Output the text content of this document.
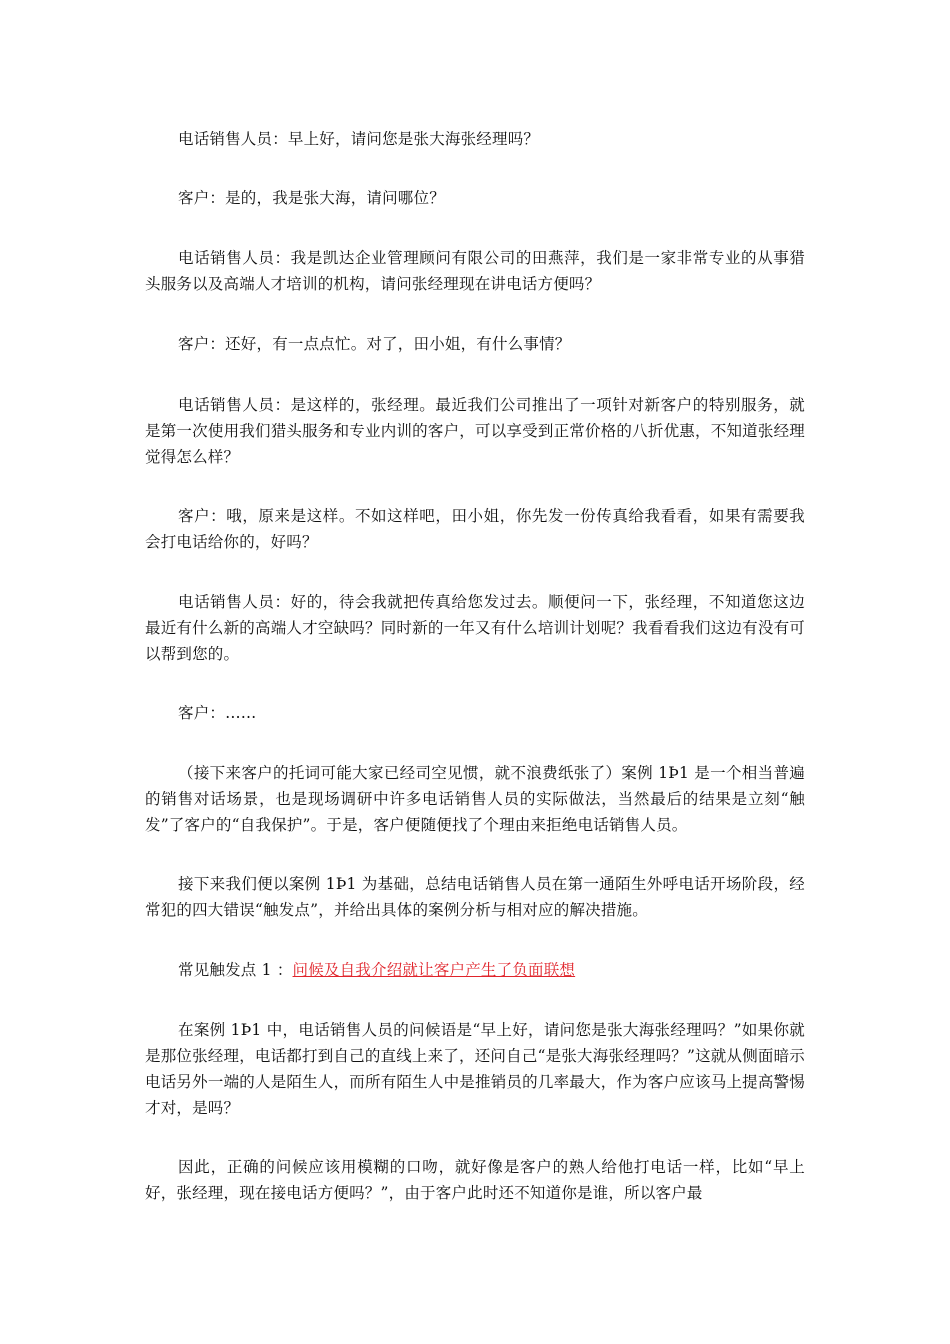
电话销售人员：早上好，请问您是张大海张经理吗？

客户：是的，我是张大海，请问哪位？

电话销售人员：我是凯达企业管理顾问有限公司的田燕萍，我们是一家非常专业的从事猎头服务以及高端人才培训的机构，请问张经理现在讲电话方便吗？

客户：还好，有一点点忙。对了，田小姐，有什么事情？

电话销售人员：是这样的，张经理。最近我们公司推出了一项针对新客户的特别服务，就是第一次使用我们猎头服务和专业内训的客户，可以享受到正常价格的八折优惠，不知道张经理觉得怎么样？

客户：哦，原来是这样。不如这样吧，田小姐，你先发一份传真给我看看，如果有需要我会打电话给你的，好吗？

电话销售人员：好的，待会我就把传真给您发过去。顺便问一下，张经理，不知道您这边最近有什么新的高端人才空缺吗？同时新的一年又有什么培训计划呢？我看看我们这边有没有可以帮到您的。

客户：……

（接下来客户的托词可能大家已经司空见惯，就不浪费纸张了）案例 1Þ1 是一个相当普遍的销售对话场景，也是现场调研中许多电话销售人员的实际做法，当然最后的结果是立刻“触发”了客户的“自我保护”。于是，客户便随便找了个理由来拒绝电话销售人员。

接下来我们便以案例 1Þ1 为基础，总结电话销售人员在第一通陌生外呼电话开场阶段，经常犯的四大错误“触发点”，并给出具体的案例分析与相对应的解决措施。

常见触发点 1 ：问候及自我介绍就让客户产生了负面联想

在案例 1Þ1 中，电话销售人员的问候语是“早上好，请问您是张大海张经理吗？”如果你就是那位张经理，电话都打到自己的直线上来了，还问自己“是张大海张经理吗？”这就从侧面暗示电话另外一端的人是陌生人，而所有陌生人中是推销员的几率最大，作为客户应该马上提高警惕才对，是吗？

因此，正确的问候应该用模糊的口吻，就好像是客户的熟人给他打电话一样，比如“早上好，张经理，现在接电话方便吗？”，由于客户此时还不知道你是谁，所以客户最
